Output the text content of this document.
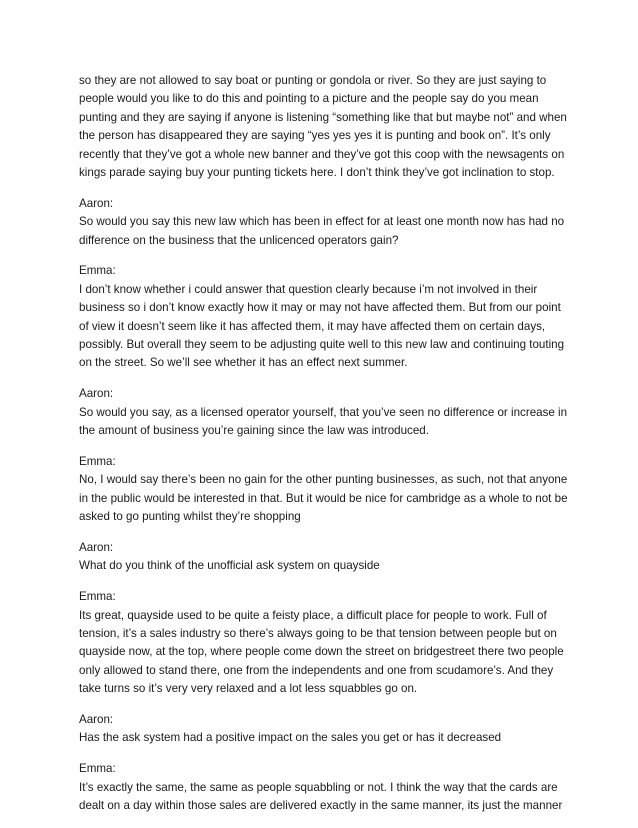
so they are not allowed to say boat or punting or gondola or river. So they are just saying to
people would you like to do this and pointing to a picture and the people say do you mean
punting and they are saying if anyone is listening “something like that but maybe not” and when
the person has disappeared they are saying “yes yes yes it is punting and book on”. It’s only
recently that they’ve got a whole new banner and they’ve got this coop with the newsagents on
kings parade saying buy your punting tickets here. I don’t think they’ve got inclination to stop.
Aaron:
So would you say this new law which has been in effect for at least one month now has had no
difference on the business that the unlicenced operators gain?
Emma:
I don’t know whether i could answer that question clearly because i’m not involved in their
business so i don’t know exactly how it may or may not have affected them. But from our point
of view it doesn’t seem like it has affected them, it may have affected them on certain days,
possibly. But overall they seem to be adjusting quite well to this new law and continuing touting
on the street. So we’ll see whether it has an effect next summer.
Aaron:
So would you say, as a licensed operator yourself, that you’ve seen no difference or increase in
the amount of business you’re gaining since the law was introduced.
Emma:
No, I would say there’s been no gain for the other punting businesses, as such, not that anyone
in the public would be interested in that. But it would be nice for cambridge as a whole to not be
asked to go punting whilst they’re shopping
Aaron:
What do you think of the unofficial ask system on quayside
Emma:
Its great, quayside used to be quite a feisty place, a difficult place for people to work. Full of
tension, it’s a sales industry so there’s always going to be that tension between people but on
quayside now, at the top, where people come down the street on bridgestreet there two people
only allowed to stand there, one from the independents and one from scudamore’s. And they
take turns so it’s very very relaxed and a lot less squabbles go on.
Aaron:
Has the ask system had a positive impact on the sales you get or has it decreased
Emma:
It’s exactly the same, the same as people squabbling or not. I think the way that the cards are
dealt on a day within those sales are delivered exactly in the same manner, its just the manner
